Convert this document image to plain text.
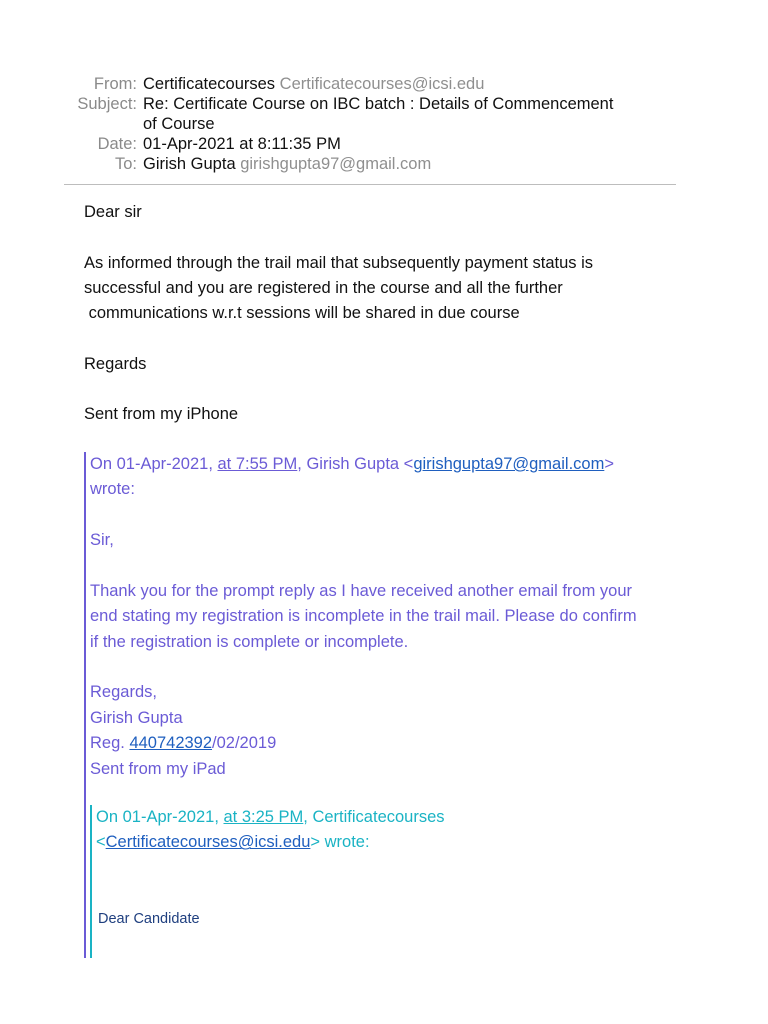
From: Certificatecourses Certificatecourses@icsi.edu
Subject: Re: Certificate Course on IBC batch : Details of Commencement
of Course
Date: 01-Apr-2021 at 8:11:35 PM
To: Girish Gupta girishgupta97@gmail.com

Dear sir

As informed through the trail mail that subsequently payment status is

successful and you are registered in the course and all the further

communications w.r.t sessions will be shared in due course

Regards

Sent from my iPhone

On 01-Apr-2021, at 7:55 PM, Girish Gupta <girishgupta97@gmail.com>

wrote:

Sir,

Thank you for the prompt reply as I have received another email from your

end stating my registration is incomplete in the trail mail. Please do confirm

if the registration is complete or incomplete.

Regards,

Girish Gupta

Reg. 440742392/02/2019

Sent from my iPad

On 01-Apr-2021, at 3:25 PM, Certificatecourses

<Certificatecourses@icsi.edu> wrote:

Dear Candidate
